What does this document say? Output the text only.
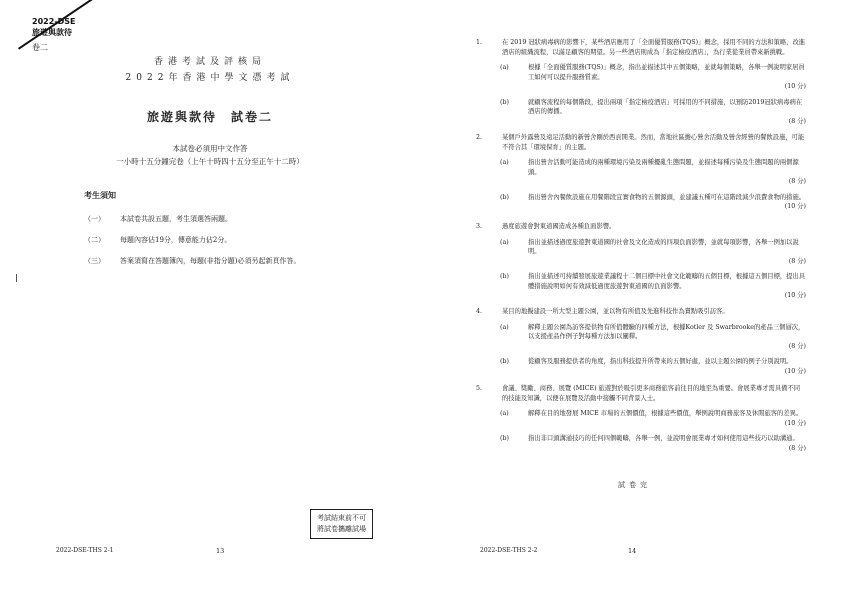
2022-DSE
旅遊與款待
卷二
香港考試及評核局
2022年香港中學文憑考試
旅遊與款待　試卷二
本試卷必須用中文作答
一小時十五分鐘完卷（上午十時四十五分至正午十二時）
考生須知
（一）	本試卷共設五題，考生須選答兩題。
（二）	每題內容佔19分，傳意能力佔2分。
（三）	答案須寫在答題簿內，每題(非指分題)必須另起新頁作答。
考試結束前不可
將試卷攜離試場
2022-DSE-THS 2-1	13
1.	在 2019 冠狀病毒病的影響下，某些酒店應用了「全面優質服務(TQS)」概念，採用不同的方法和策略，改進酒店的組織流程，以滿足顧客的期望。另一些酒店則成為「指定檢疫酒店」，為行業從業員帶來新挑戰。
(a)	根據「全面優質服務(TQS)」概念，指出並描述其中五個策略，並就每個策略，各舉一例說明家居員工如何可以提升服務質素。
(10 分)
(b)	就顧客流程的每個階段，提出兩項「指定檢疫酒店」可採用的不同措施，以預防2019冠狀病毒病在酒店的傳播。
(8 分)
2.	某個戶外露營及遠足活動的新營舍剛於西貢開業。然而，當地社區擔心營舍活動及營舍經營的餐飲設施，可能不符合其「環境保育」的主題。
(a)	指出營舍活動可能造成的兩種環境污染及兩種擾亂生態問題，並描述每種污染及生態問題的兩個源頭。
(8 分)
(b)	指出營舍內餐飲設施在用餐階段宜實食物的五個源頭，並建議五種可在這階段減少浪費食物的措施。
(10 分)
3.	過度旅遊會對東道國造成各種負面影響。
(a)	指出並描述過度旅遊對東道國的社會及文化造成的四項負面影響，並就每項影響，各舉一例加以說明。
(8 分)
(b)	指出並描述可持續發展旅遊業議程十二個目標中社會文化範疇的五個目標，根據這五個目標，提出具體措施說明如何有效減低過度旅遊對東道國的負面影響。
(10 分)
4.	某目的地擬建設一所大型主題公園，並以物有所值及先進科技作為賣點吸引訪客。
(a)	解釋主題公園為訪客提供物有所值體驗的四種方法，根據Kotler 及 Swarbrooke的產品三個層次，以支援產品作例子對每種方法加以闡釋。
(8 分)
(b)	從顧客及服務提供者的角度，指出科技提升所帶來的五個好處，並以主題公園的例子分別說明。
(10 分)
5.	會議、獎勵、商務、展覽 (MICE) 旅遊對於吸引更多商務旅客前往目的地至為重要。會展業專才需具備不同的技能及知識，以便在展覽及活動中接觸不同背景人士。
(a)	解釋在目的地發展 MICE 市場的五個價值，根據這些價值，舉例說明商務旅客及休閒旅客的差異。
(10 分)
(b)	指出非口頭溝通技巧的任何四個範疇，各舉一例，並說明會展業專才如何使用這些技巧以助溝通。
(8 分)
試卷完
2022-DSE-THS 2-2	14
